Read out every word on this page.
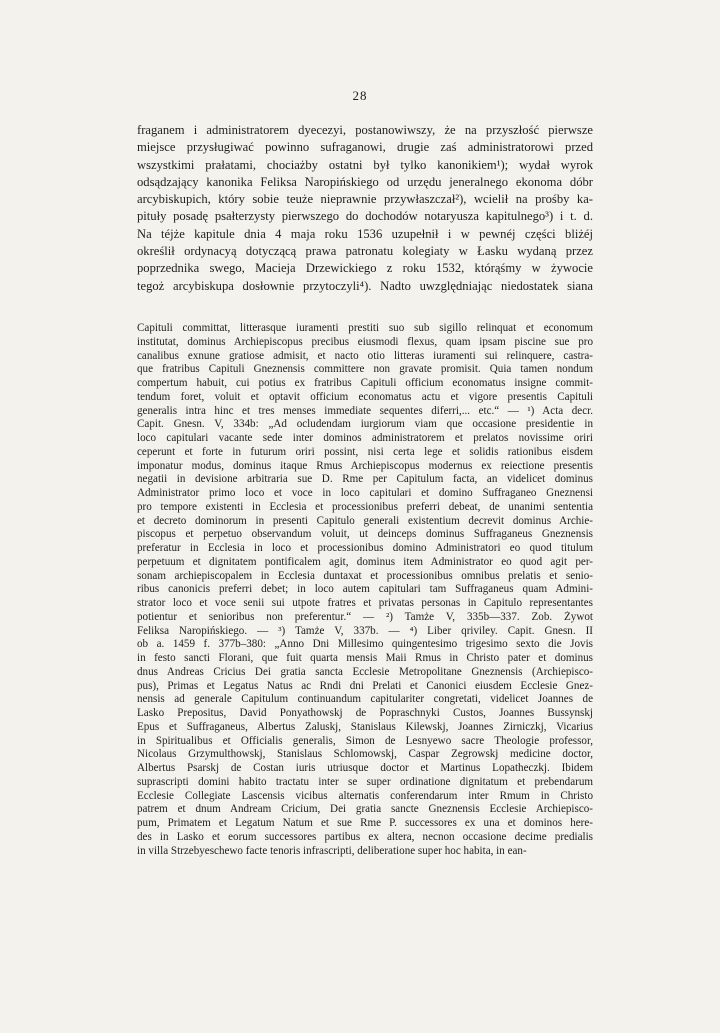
28
fraganem i administratorem dyecezyi, postanowiwszy, że na przyszłość pierwsze
miejsce przysługiwać powinno sufraganowi, drugie zaś administratorowi przed
wszystkimi prałatami, chociażby ostatni był tylko kanonikiem¹); wydał wyrok
odsądzający kanonika Feliksa Naropińskiego od urzędu jeneralnego ekonoma dóbr
arcybiskupich, który sobie teuże nieprawnie przywłaszczał²), wcielił na prośby ka-
pituły posadę psałterzysty pierwszego do dochodów notaryusza kapitulnego³) i t. d.
Na téjże kapitule dnia 4 maja roku 1536 uzupełnił i w pewnéj części bliżéj
określił ordynacyą dotyczącą prawa patronatu kolegiaty w Łasku wydaną przez
poprzednika swego, Macieja Drzewickiego z roku 1532, którąśmy w żywocie
tegoż arcybiskupa dosłownie przytoczyli⁴). Nadto uwzględniając niedostatek siana
Capituli committat, litterasque iuramenti prestiti suo sub sigillo relinquat et economum
institutat, dominus Archiepiscopus precibus eiusmodi flexus, quam ipsam piscine sue pro
canalibus exnune gratiose admisit, et nacto otio litteras iuramenti sui relinquere, castra-
que fratribus Capituli Gneznensis committere non gravate promisit. Quia tamen nondum
compertum habuit, cui potius ex fratribus Capituli officium economatus insigne commit-
tendum foret, voluit et optavit officium economatus actu et vigore presentis Capituli
generalis intra hinc et tres menses immediate sequentes diferri,... etc.“ — ¹) Acta decr.
Capit. Gnesn. V, 334b: „Ad ocludendam iurgiorum viam que occasione presidentie in
loco capitulari vacante sede inter dominos administratorem et prelatos novissime oriri
ceperunt et forte in futurum oriri possint, nisi certa lege et solidis rationibus eisdem
imponatur modus, dominus itaque Rmus Archiepiscopus modernus ex reiectione presentis
negatii in devisione arbitraria sue D. Rme per Capitulum facta, an videlicet dominus
Administrator primo loco et voce in loco capitulari et domino Suffraganeo Gneznensi
pro tempore existenti in Ecclesia et processionibus preferri debeat, de unanimi sententia
et decreto dominorum in presenti Capitulo generali existentium decrevit dominus Archie-
piscopus et perpetuo observandum voluit, ut deinceps dominus Suffraganeus Gneznensis
preferatur in Ecclesia in loco et processionibus domino Administratori eo quod titulum
perpetuum et dignitatem pontificalem agit, dominus item Administrator eo quod agit per-
sonam archiepiscopalem in Ecclesia duntaxat et processionibus omnibus prelatis et senio-
ribus canonicis preferri debet; in loco autem capitulari tam Suffraganeus quam Admini-
strator loco et voce senii sui utpote fratres et privatas personas in Capitulo representantes
potientur et senioribus non preferentur.“ — ²) Tamże V, 335b—337. Zob. Żywot
Feliksa Naropińskiego. — ³) Tamże V, 337b. — ⁴) Liber qriviley. Capit. Gnesn. II
ob a. 1459 f. 377b–380: „Anno Dni Millesimo quingentesimo trigesimo sexto die Jovis
in festo sancti Florani, que fuit quarta mensis Maii Rmus in Christo pater et dominus
dnus Andreas Cricius Dei gratia sancta Ecclesie Metropolitane Gneznensis (Archiepisco-
pus), Primas et Legatus Natus ac Rndi dni Prelati et Canonici eiusdem Ecclesie Gnez-
nensis ad generale Capitulum continuandum capitulariter congretati, videlicet Joannes de
Lasko Prepositus, David Ponyathowskj de Popraschnyki Custos, Joannes Bussynskj
Epus et Suffraganeus, Albertus Zaluskj, Stanislaus Kilewskj, Joannes Zirniczkj, Vicarius
in Spiritualibus et Officialis generalis, Simon de Lesnyewo sacre Theologie professor,
Nicolaus Grzymulthowskj, Stanislaus Schlomowskj, Caspar Zegrowskj medicine doctor,
Albertus Psarskj de Costan iuris utriusque doctor et Martinus Lopatheczkj. Ibidem
suprascripti domini habito tractatu inter se super ordinatione dignitatum et prebendarum
Ecclesie Collegiate Lascensis vicibus alternatis conferendarum inter Rmum in Christo
patrem et dnum Andream Cricium, Dei gratia sancte Gneznensis Ecclesie Archiepisco-
pum, Primatem et Legatum Natum et sue Rme P. successores ex una et dominos here-
des in Lasko et eorum successores partibus ex altera, necnon occasione decime predialis
in villa Strzebyeschewo facte tenoris infrascripti, deliberatione super hoc habita, in ean-
